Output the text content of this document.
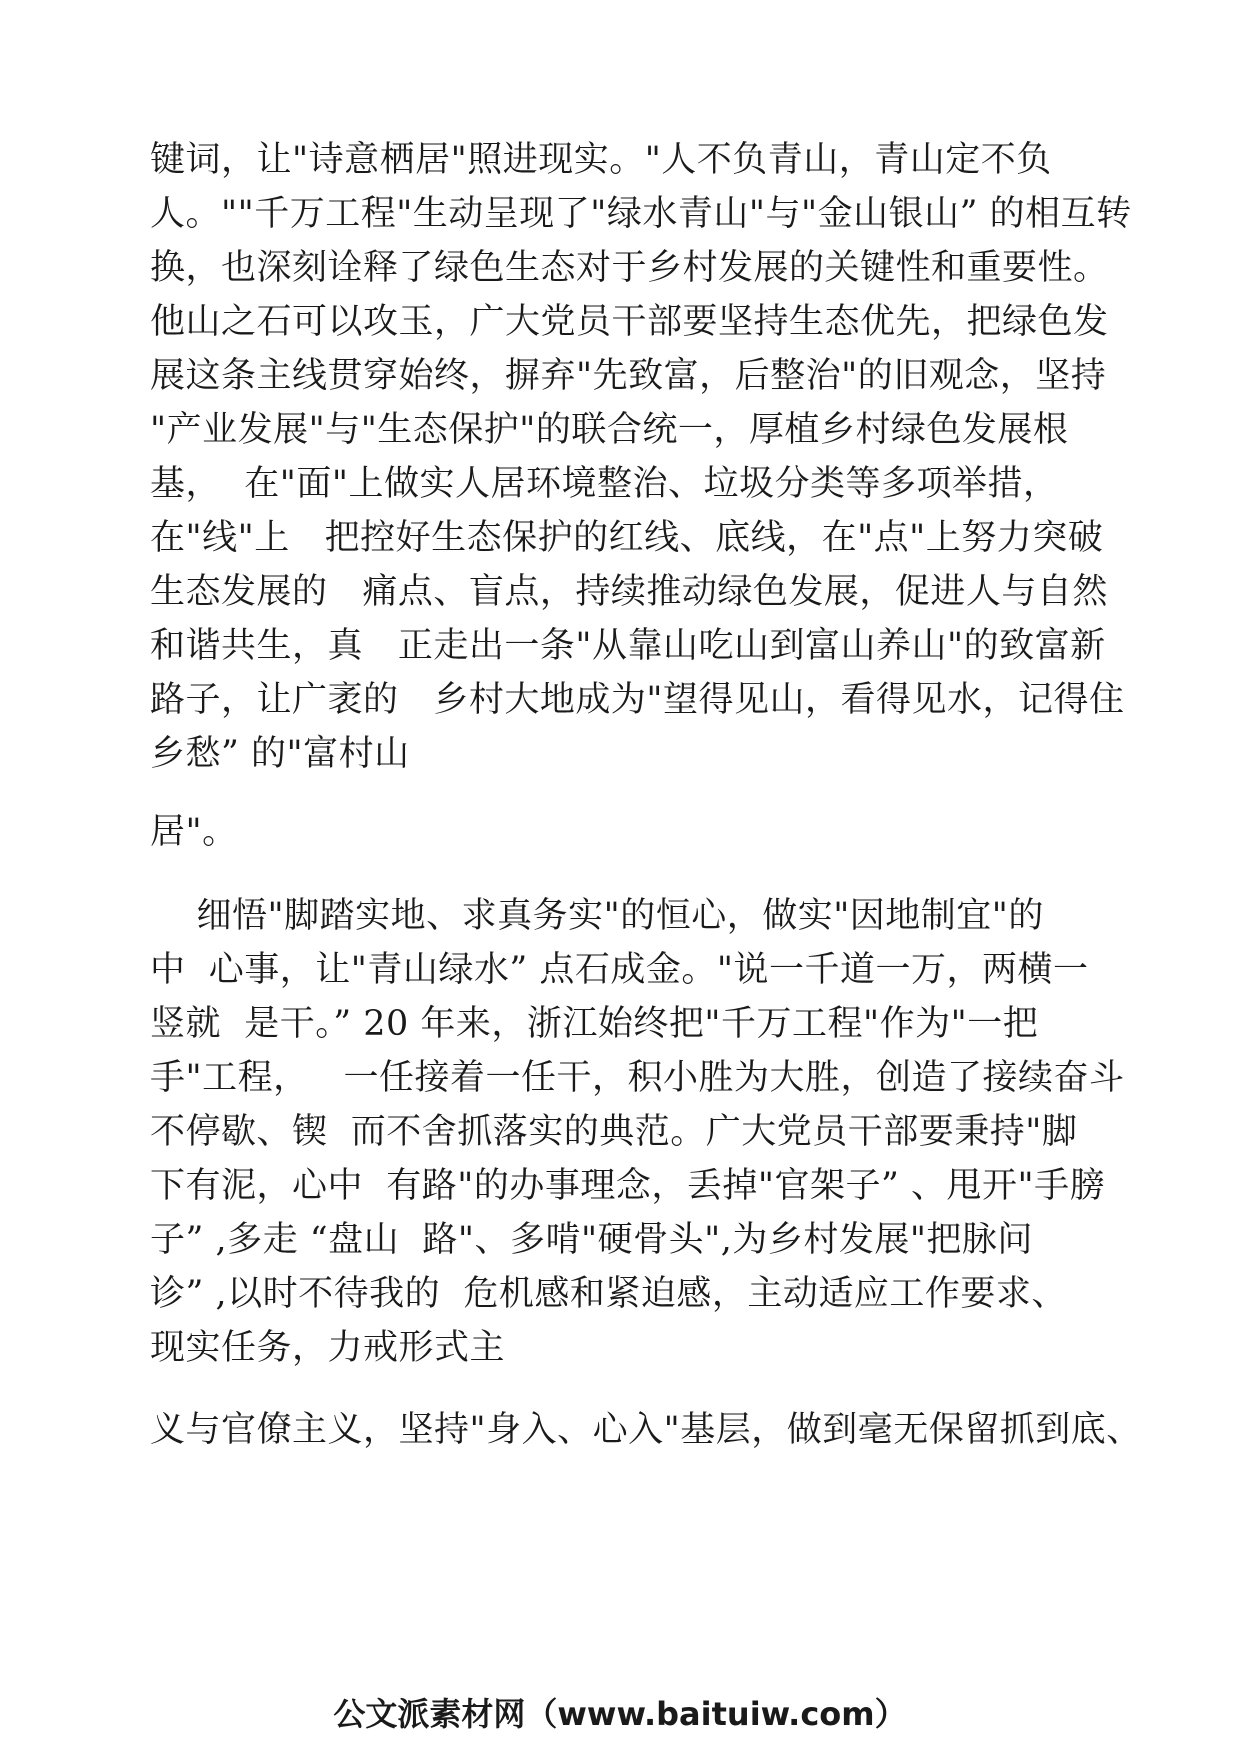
键词，让"诗意栖居"照进现实。"人不负青山，青山定不负
人。""千万工程"生动呈现了"绿水青山"与"金山银山” 的相互转
换，也深刻诠释了绿色生态对于乡村发展的关键性和重要性。
他山之石可以攻玉，广大党员干部要坚持生态优先，把绿色发
展这条主线贯穿始终，摒弃"先致富，后整治"的旧观念，坚持
"产业发展"与"生态保护"的联合统一，厚植乡村绿色发展根
基，  在"面"上做实人居环境整治、垃圾分类等多项举措，
在"线"上   把控好生态保护的红线、底线，在"点"上努力突破
生态发展的   痛点、盲点，持续推动绿色发展，促进人与自然
和谐共生，真   正走出一条"从靠山吃山到富山养山"的致富新
路子，让广袤的   乡村大地成为"望得见山，看得见水，记得住
乡愁” 的"富村山
居"。
细悟"脚踏实地、求真务实"的恒心，做实"因地制宜"的
中  心事，让"青山绿水” 点石成金。"说一千道一万，两横一
竖就  是干。” 20 年来，浙江始终把"千万工程"作为"一把
手"工程，   一任接着一任干，积小胜为大胜，创造了接续奋斗
不停歇、锲  而不舍抓落实的典范。广大党员干部要秉持"脚
下有泥，心中  有路"的办事理念，丢掉"官架子” 、甩开"手膀
子” ,多走 “盘山  路"、多啃"硬骨头",为乡村发展"把脉问
诊” ,以时不待我的  危机感和紧迫感，主动适应工作要求、
现实任务，力戒形式主
义与官僚主义，坚持"身入、心入"基层，做到毫无保留抓到底、
公文派素材网（www.baituiw.com）
